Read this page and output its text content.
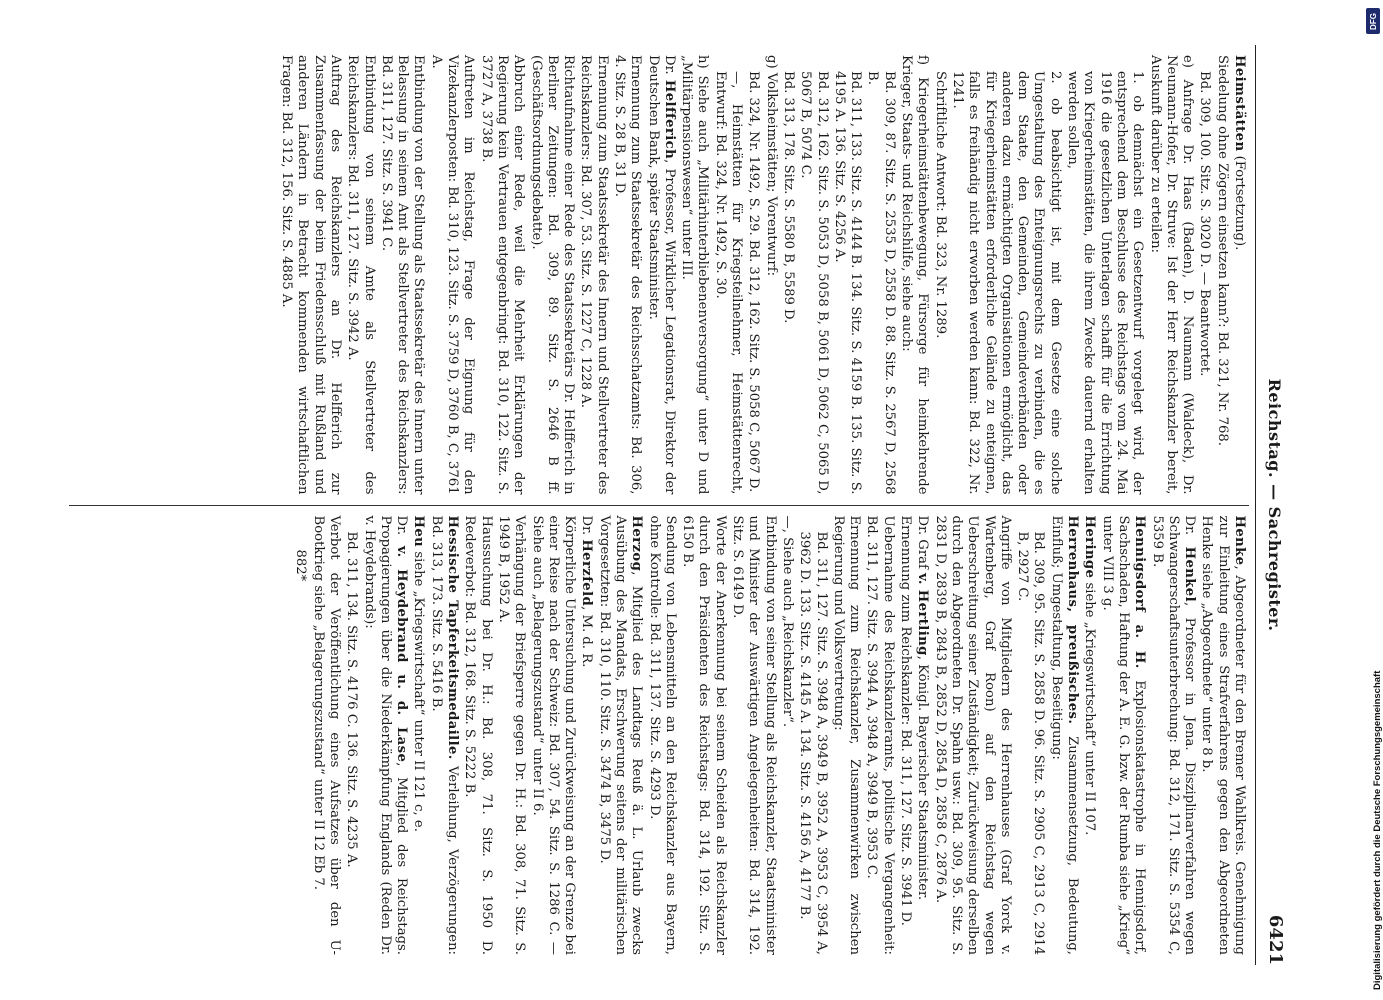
Reichstag. — Sachregister.
6421

Heimstätten (Fortsetzung).

Siedelung ohne Zögern einsetzen kann?: Bd. 321, Nr. 768.

Bd. 309, 100. Sitz. S. 3020 D. — Beantwortet.

e) Anfrage Dr. Haas (Baden), D. Naumann (Waldeck), Dr. Neumann-Hofer, Dr. Struve: Ist der Herr Reichskanzler bereit, Auskunft darüber zu erteilen:

1. ob demnächst ein Gesetzentwurf vorgelegt wird, der entsprechend dem Beschlusse des Reichstags vom 24. Mai 1916 die gesetzlichen Unterlagen schafft für die Errichtung von Kriegerheimstätten, die ihrem Zwecke dauernd erhalten werden sollen,

2. ob beabsichtigt ist, mit dem Gesetze eine solche Umgestaltung des Enteignungsrechts zu verbinden, die es dem Staate, den Gemeinden, Gemeindeverbänden oder anderen dazu ermächtigten Organisationen ermöglicht, das für Kriegerheimstätten erforderliche Gelände zu enteignen, falls es freihändig nicht erworben werden kann: Bd. 322, Nr. 1241.

Schriftliche Antwort: Bd. 323, Nr. 1289.

f) Kriegerheimstättenbewegung, Fürsorge für heimkehrende Krieger, Staats- und Reichshilfe, siehe auch:

Bd. 309, 87. Sitz. S. 2535 D, 2558 D. 88. Sitz. S. 2567 D, 2568 B.

Bd. 311, 133. Sitz. S. 4144 B. 134. Sitz. S. 4159 B. 135. Sitz. S. 4195 A. 136. Sitz. S. 4256 A.

Bd. 312, 162. Sitz. S. 5053 D, 5058 B, 5061 D, 5062 C, 5065 D, 5067 B, 5074 C.

Bd. 313, 178. Sitz. S. 5580 B, 5589 D.

g) Volksheimstätten; Vorentwurf:

Bd. 324, Nr. 1492, S. 29. Bd. 312, 162. Sitz. S. 5058 C, 5067 D.

—, Heimstätten für Kriegsteilnehmer, Heimstättenrecht, Entwurf: Bd. 324, Nr. 1492, S. 30.

h) Siehe auch „Militärhinterbliebenenversorgung“ unter D und „Militärpensionswesen“ unter III.

Dr. Helfferich, Professor, Wirklicher Legationsrat, Direktor der Deutschen Bank, später Staatsminister.

Ernennung zum Staatssekretär des Reichsschatzamts: Bd. 306, 4. Sitz. S. 28 B, 31 D.

Ernennung zum Staatssekretär des Innern und Stellvertreter des Reichskanzlers: Bd. 307, 53. Sitz. S. 1227 C, 1228 A.

Richtaufnahme einer Rede des Staatssekretärs Dr. Helfferich in Berliner Zeitungen: Bd. 309, 89. Sitz. S. 2646 B ff. (Geschäftsordnungsdebatte).

Abbruch einer Rede, weil die Mehrheit Erklärungen der Regierung kein Vertrauen entgegenbringt: Bd. 310, 122. Sitz. S. 3727 A, 3738 B.

Auftreten im Reichstag, Frage der Eignung für den Vizekanzlerposten: Bd. 310, 123. Sitz. S. 3759 D, 3760 B, C, 3761 A.

Entbindung von der Stellung als Staatssekretär des Innern unter Belassung in seinem Amt als Stellvertreter des Reichskanzlers: Bd. 311, 127. Sitz. S. 3941 C.

Entbindung von seinem Amte als Stellvertreter des Reichskanzlers: Bd. 311, 127. Sitz. S. 3942 A.

Auftrag des Reichskanzlers an Dr. Helfferich zur Zusammenfassung der beim Friedensschluß mit Rußland und anderen Ländern in Betracht kommenden wirtschaftlichen Fragen: Bd. 312, 156. Sitz. S. 4885 A.

Henke, Abgeordneter für den Bremer Wahlkreis. Genehmigung zur Einleitung eines Strafverfahrens gegen den Abgeordneten Henke siehe „Abgeordnete“ unter 8 b.

Dr. Henkel, Professor in Jena. Disziplinarverfahren wegen Schwangerschaftsunterbrechung: Bd. 312, 171. Sitz. S. 5354 C, 5359 B.

Hennigsdorf a. H. Explosionskatastrophe in Hennigsdorf, Sachschaden, Haftung der A. E. G. bzw. der Rumba siehe „Krieg“ unter VIII 3 g.

Heringe siehe „Kriegswirtschaft“ unter II 107.

Herrenhaus, preußisches. Zusammensetzung, Bedeutung, Einfluß; Umgestaltung, Beseitigung:

Bd. 309, 95. Sitz. S. 2858 D. 96. Sitz. S. 2905 C, 2913 C, 2914 B, 2927 C.

Angriffe von Mitgliedern des Herrenhauses (Graf Yorck v. Wartenberg, Graf Roon) auf den Reichstag wegen Ueberschreitung seiner Zuständigkeit; Zurückweisung derselben durch den Abgeordneten Dr. Spahn usw.: Bd. 309, 95. Sitz. S. 2831 D, 2839 B, 2843 B, 2852 D, 2854 D, 2858 C, 2876 A.

Dr. Graf v. Hertling, Königl. Bayerischer Staatsminister.

Ernennung zum Reichskanzler: Bd. 311, 127. Sitz. S. 3941 D.

Uebernahme des Reichskanzleramts, politische Vergangenheit: Bd. 311, 127. Sitz. S. 3944 A, 3948 A, 3949 B, 3953 C.

Ernennung zum Reichskanzler, Zusammenwirken zwischen Regierung und Volksvertretung:

Bd. 311, 127. Sitz. S. 3948 A, 3949 B, 3952 A, 3953 C, 3954 A, 3962 D. 133. Sitz. S. 4145 A. 134. Sitz. S. 4156 A, 4177 B.

—, Siehe auch „Reichskanzler“.

Entbindung von seiner Stellung als Reichskanzler, Staatsminister und Minister der Auswärtigen Angelegenheiten: Bd. 314, 192. Sitz. S. 6149 D.

Worte der Anerkennung bei seinem Scheiden als Reichskanzler durch den Präsidenten des Reichstags: Bd. 314, 192. Sitz. S. 6150 B.

Sendung von Lebensmitteln an den Reichskanzler aus Bayern, ohne Kontrolle: Bd. 311, 137. Sitz. S. 4293 D.

Herzog, Mitglied des Landtags Reuß ä. L. Urlaub zwecks Ausübung des Mandats, Erschwerung seitens der militärischen Vorgesetzten: Bd. 310, 110. Sitz. S. 3474 B, 3475 D.

Dr. Herzfeld, M. d. R.

Körperliche Untersuchung und Zurückweisung an der Grenze bei einer Reise nach der Schweiz: Bd. 307, 54. Sitz. S. 1286 C. — Siehe auch „Belagerungszustand“ unter II 6.

Verhängung der Briefsperre gegen Dr. H.: Bd. 308, 71. Sitz. S. 1949 B, 1952 A.

Haussuchung bei Dr. H.: Bd. 308, 71. Sitz. S. 1950 D. Redeverbot: Bd. 312, 168. Sitz. S. 5222 B.

Hessische Tapferkeitsmedaille. Verleihung, Verzögerungen: Bd. 313, 173. Sitz. S. 5416 B.

Heu siehe „Kriegswirtschaft“ unter II 121 c, e.

Dr. v. Heydebrand u. d. Lase, Mitglied des Reichstags. Propagierungen über die Niederkämpfung Englands (Reden Dr. v. Heydebrands):

Bd. 311, 134. Sitz. S. 4176 C. 136. Sitz. S. 4235 A.

Verbot der Veröffentlichung eines Aufsatzes über den U-Bootkrieg siehe „Belagerungszustand“ unter II 12 Eb 7.

882*

DFG
Digitalisierung gefördert durch die Deutsche Forschungsgemeinschaft
